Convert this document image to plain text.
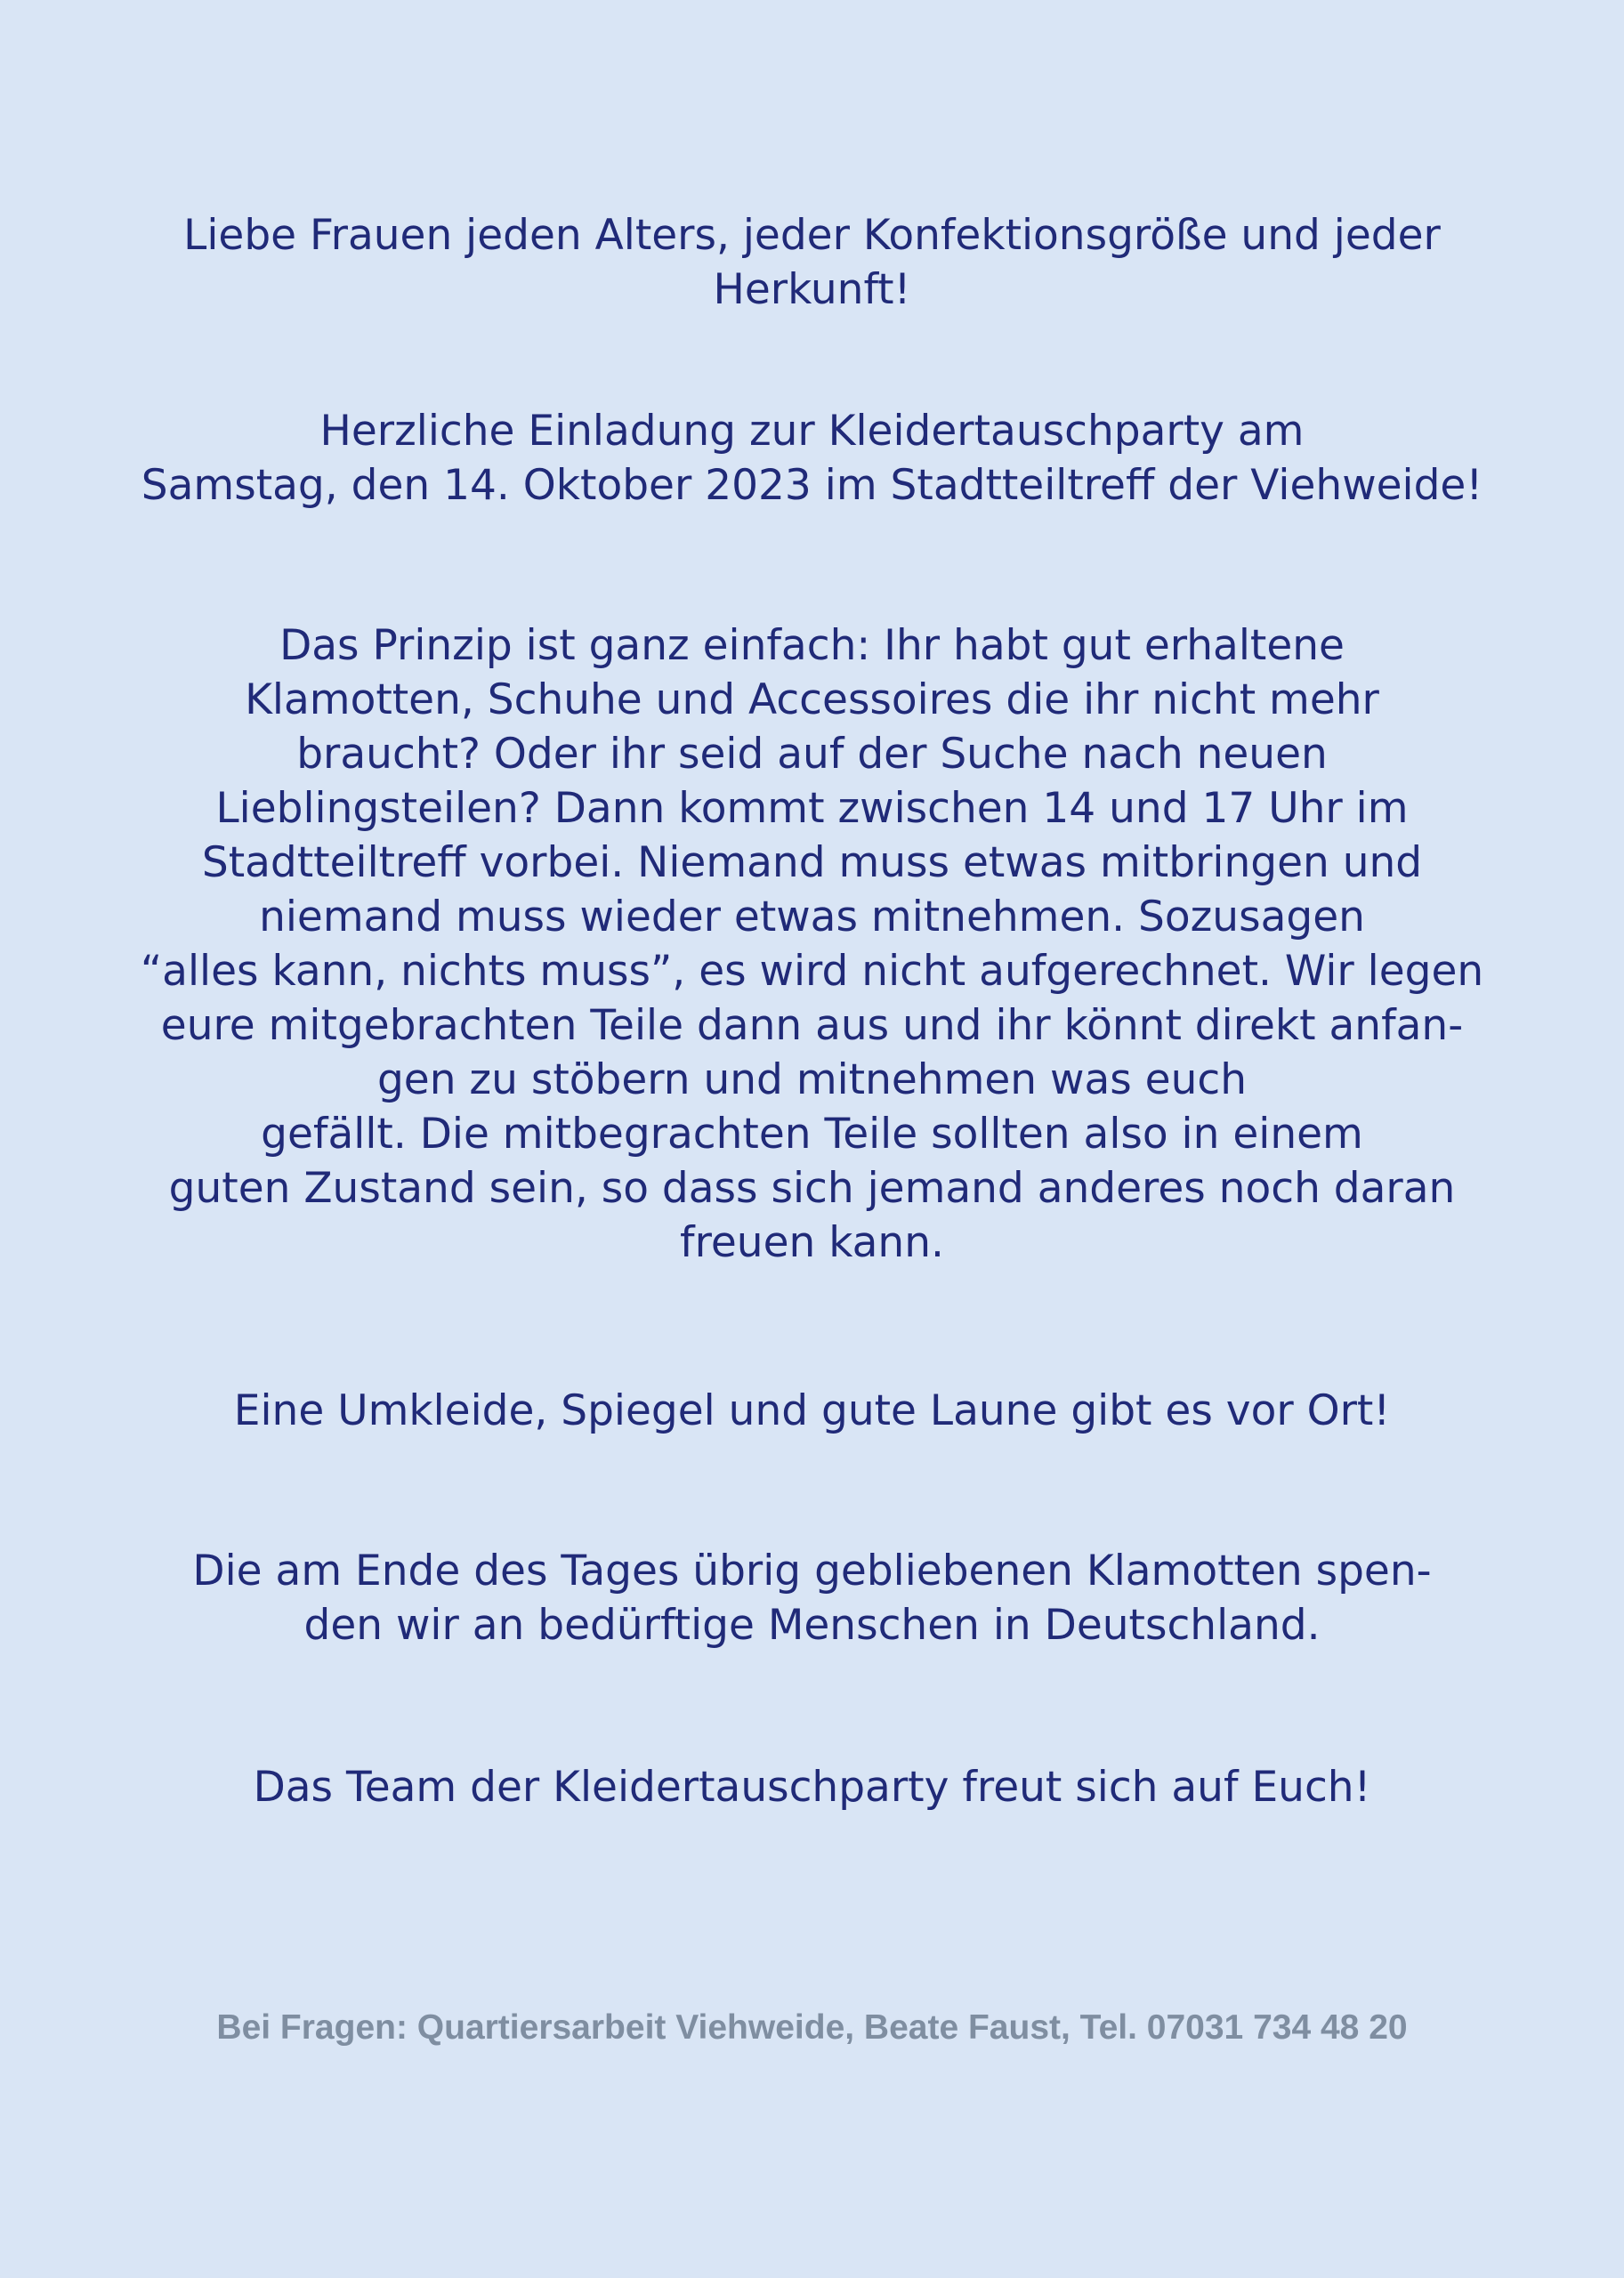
Liebe Frauen jeden Alters, jeder Konfektionsgröße und jeder
Herkunft!
Herzliche Einladung zur Kleidertauschparty am
Samstag, den 14. Oktober 2023 im Stadtteiltreff der Viehweide!
Das Prinzip ist ganz einfach: Ihr habt gut erhaltene
Klamotten, Schuhe und Accessoires die ihr nicht mehr
braucht? Oder ihr seid auf der Suche nach neuen
Lieblingsteilen? Dann kommt zwischen 14 und 17 Uhr im
Stadtteiltreff vorbei. Niemand muss etwas mitbringen und
niemand muss wieder etwas mitnehmen. Sozusagen
“alles kann, nichts muss”, es wird nicht aufgerechnet. Wir legen
eure mitgebrachten Teile dann aus und ihr könnt direkt anfan-
gen zu stöbern und mitnehmen was euch
gefällt. Die mitbegrachten Teile sollten also in einem
guten Zustand sein, so dass sich jemand anderes noch daran
freuen kann.
Eine Umkleide, Spiegel und gute Laune gibt es vor Ort!
Die am Ende des Tages übrig gebliebenen Klamotten spen-
den wir an bedürftige Menschen in Deutschland.
Das Team der Kleidertauschparty freut sich auf Euch!
Bei Fragen: Quartiersarbeit Viehweide, Beate Faust, Tel. 07031 734 48 20
